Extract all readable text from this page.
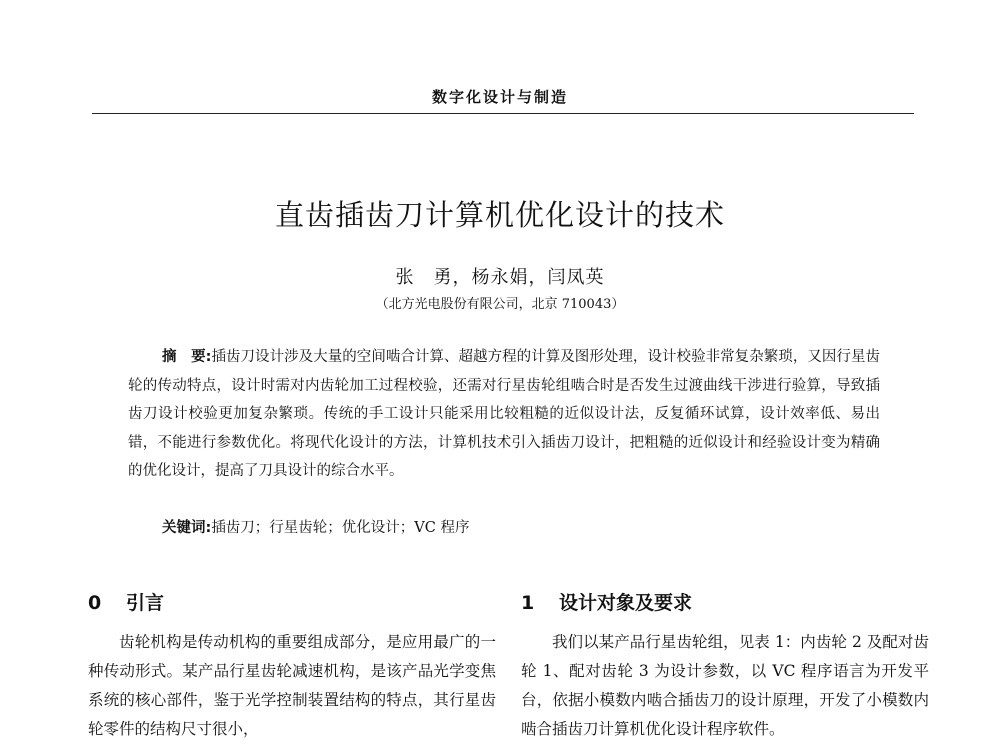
数字化设计与制造
直齿插齿刀计算机优化设计的技术
张　勇，杨永娟，闫凤英
（北方光电股份有限公司，北京 710043）
摘　要:插齿刀设计涉及大量的空间啮合计算、超越方程的计算及图形处理，设计校验非常复杂繁琐，又因行星齿轮的传动特点，设计时需对内齿轮加工过程校验，还需对行星齿轮组啮合时是否发生过渡曲线干涉进行验算，导致插齿刀设计校验更加复杂繁琐。传统的手工设计只能采用比较粗糙的近似设计法，反复循环试算，设计效率低、易出错，不能进行参数优化。将现代化设计的方法，计算机技术引入插齿刀设计，把粗糙的近似设计和经验设计变为精确的优化设计，提高了刀具设计的综合水平。
关键词:插齿刀；行星齿轮；优化设计；VC 程序
0 引言
齿轮机构是传动机构的重要组成部分，是应用最广的一种传动形式。某产品行星齿轮减速机构，是该产品光学变焦系统的核心部件，鉴于光学控制装置结构的特点，其行星齿轮零件的结构尺寸很小，
1 设计对象及要求
我们以某产品行星齿轮组，见表 1：内齿轮 2 及配对齿轮 1、配对齿轮 3 为设计参数，以 VC 程序语言为开发平台，依据小模数内啮合插齿刀的设计原理，开发了小模数内啮合插齿刀计算机优化设计程序软件。
